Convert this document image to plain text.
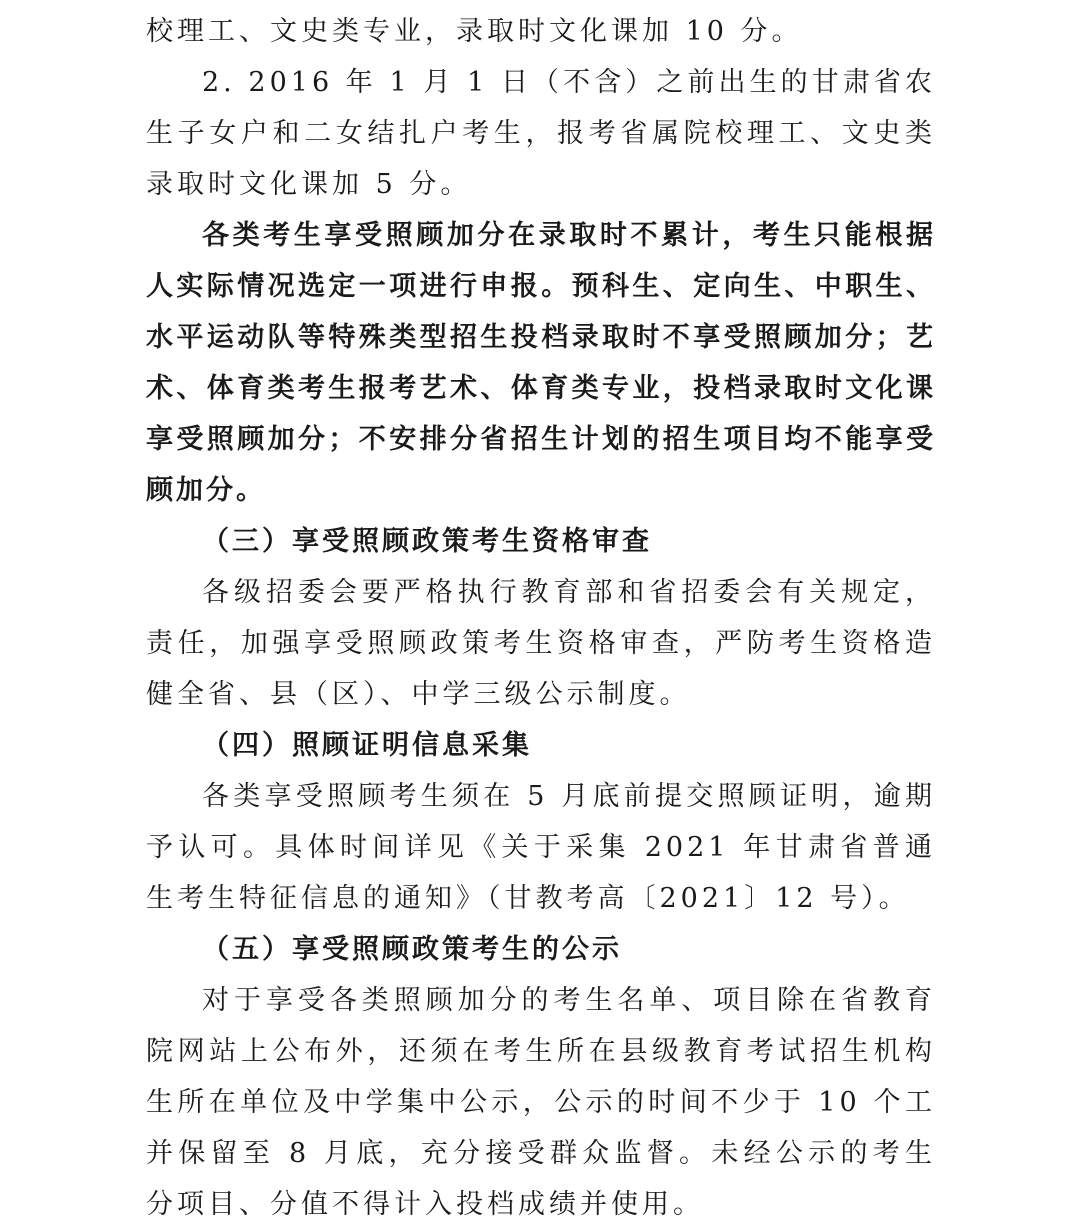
校理工、文史类专业，录取时文化课加 10 分。
2. 2016 年 1 月 1 日（不含）之前出生的甘肃省农
生子女户和二女结扎户考生，报考省属院校理工、文史类
录取时文化课加 5 分。
各类考生享受照顾加分在录取时不累计，考生只能根据
人实际情况选定一项进行申报。预科生、定向生、中职生、
水平运动队等特殊类型招生投档录取时不享受照顾加分；艺
术、体育类考生报考艺术、体育类专业，投档录取时文化课
享受照顾加分；不安排分省招生计划的招生项目均不能享受
顾加分。
（三）享受照顾政策考生资格审查
各级招委会要严格执行教育部和省招委会有关规定，
责任，加强享受照顾政策考生资格审查，严防考生资格造
健全省、县（区）、中学三级公示制度。
（四）照顾证明信息采集
各类享受照顾考生须在 5 月底前提交照顾证明，逾期
予认可。具体时间详见《关于采集 2021 年甘肃省普通
生考生特征信息的通知》（甘教考高〔2021〕12 号）。
（五）享受照顾政策考生的公示
对于享受各类照顾加分的考生名单、项目除在省教育
院网站上公布外，还须在考生所在县级教育考试招生机构
生所在单位及中学集中公示，公示的时间不少于 10 个工
并保留至 8 月底，充分接受群众监督。未经公示的考生
分项目、分值不得计入投档成绩并使用。
